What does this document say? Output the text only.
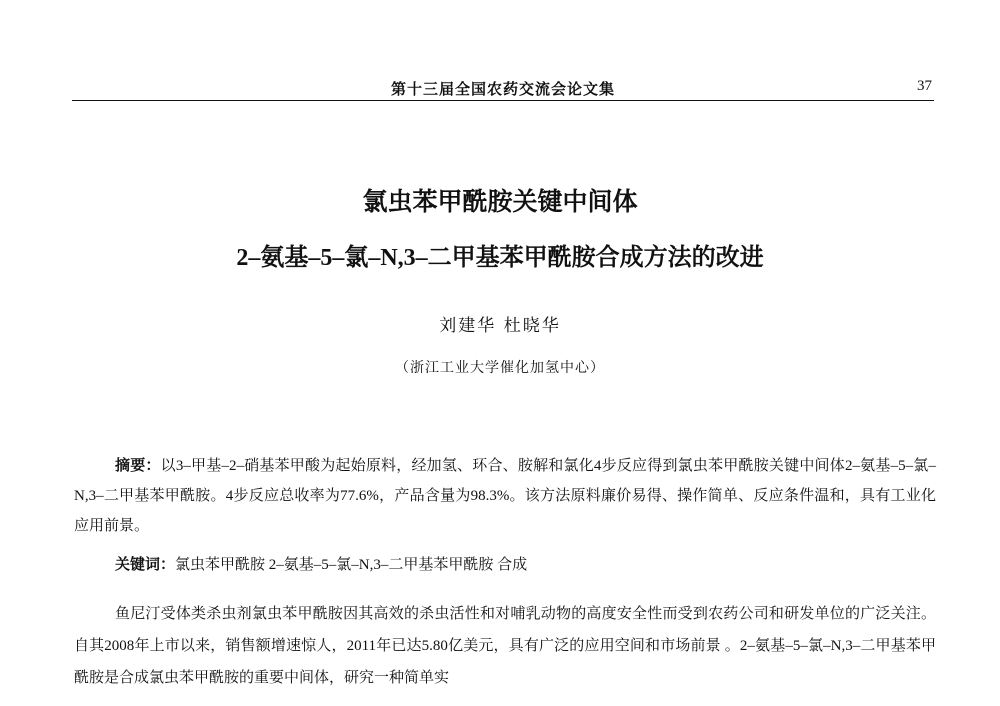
第十三届全国农药交流会论文集	37
氯虫苯甲酰胺关键中间体
2–氨基–5–氯–N,3–二甲基苯甲酰胺合成方法的改进
刘建华 杜晓华
（浙江工业大学催化加氢中心）
摘要：以3–甲基–2–硝基苯甲酸为起始原料，经加氢、环合、胺解和氯化4步反应得到氯虫苯甲酰胺关键中间体2–氨基–5–氯–N,3–二甲基苯甲酰胺。4步反应总收率为77.6%，产品含量为98.3%。该方法原料廉价易得、操作简单、反应条件温和，具有工业化应用前景。
关键词：氯虫苯甲酰胺 2–氨基–5–氯–N,3–二甲基苯甲酰胺 合成
鱼尼汀受体类杀虫剂氯虫苯甲酰胺因其高效的杀虫活性和对哺乳动物的高度安全性而受到农药公司和研发单位的广泛关注。自其2008年上市以来，销售额增速惊人，2011年已达5.80亿美元，具有广泛的应用空间和市场前景 。2–氨基–5–氯–N,3–二甲基苯甲酰胺是合成氯虫苯甲酰胺的重要中间体，研究一种简单实
